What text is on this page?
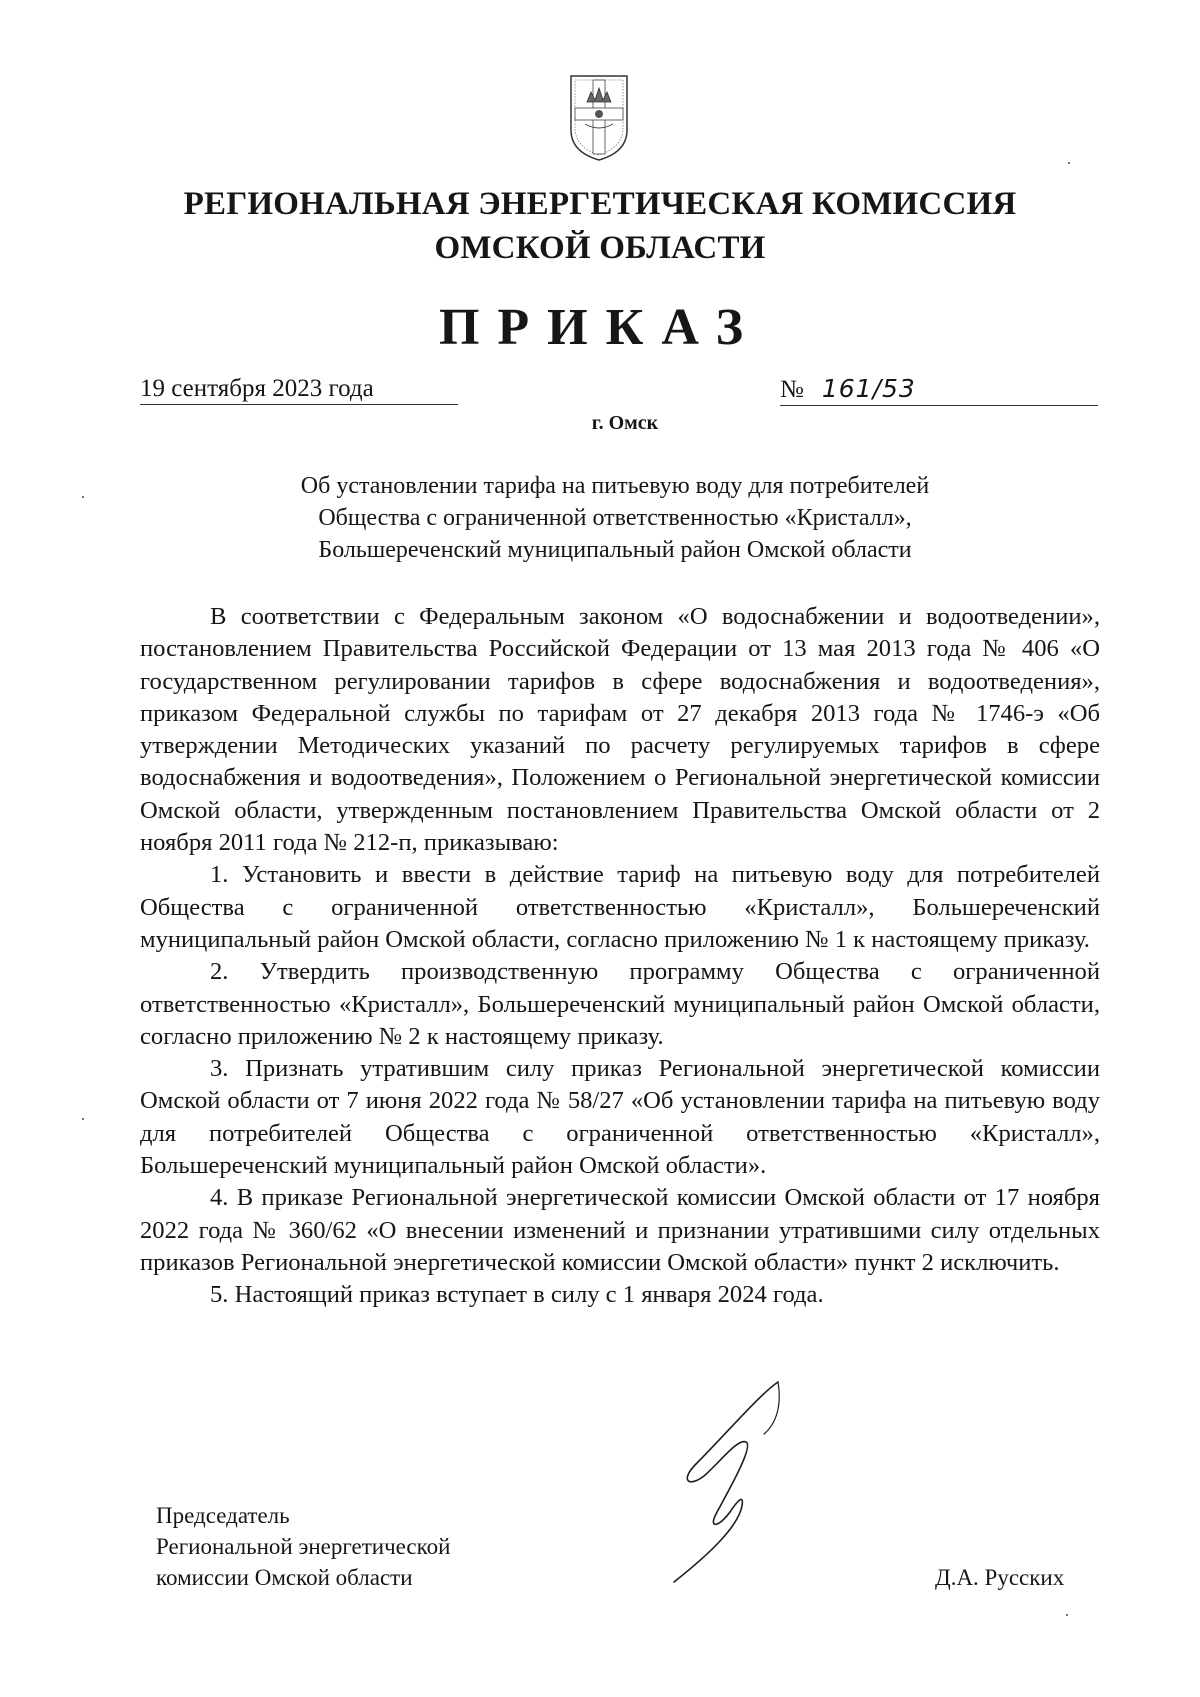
РЕГИОНАЛЬНАЯ ЭНЕРГЕТИЧЕСКАЯ КОМИССИЯ
ОМСКОЙ ОБЛАСТИ
ПРИКАЗ
19 сентября 2023 года	№ 161/53
г. Омск
Об установлении тарифа на питьевую воду для потребителей
Общества с ограниченной ответственностью «Кристалл»,
Большереченский муниципальный район Омской области

В соответствии с Федеральным законом «О водоснабжении и водоотведении», постановлением Правительства Российской Федерации от 13 мая 2013 года № 406 «О государственном регулировании тарифов в сфере водоснабжения и водоотведения», приказом Федеральной службы по тарифам от 27 декабря 2013 года № 1746-э «Об утверждении Методических указаний по расчету регулируемых тарифов в сфере водоснабжения и водоотведения», Положением о Региональной энергетической комиссии Омской области, утвержденным постановлением Правительства Омской области от 2 ноября 2011 года № 212-п, приказываю:

1. Установить и ввести в действие тариф на питьевую воду для потребителей Общества с ограниченной ответственностью «Кристалл», Большереченский муниципальный район Омской области, согласно приложению № 1 к настоящему приказу.

2. Утвердить производственную программу Общества с ограниченной ответственностью «Кристалл», Большереченский муниципальный район Омской области, согласно приложению № 2 к настоящему приказу.

3. Признать утратившим силу приказ Региональной энергетической комиссии Омской области от 7 июня 2022 года № 58/27 «Об установлении тарифа на питьевую воду для потребителей Общества с ограниченной ответственностью «Кристалл», Большереченский муниципальный район Омской области».

4. В приказе Региональной энергетической комиссии Омской области от 17 ноября 2022 года № 360/62 «О внесении изменений и признании утратившими силу отдельных приказов Региональной энергетической комиссии Омской области» пункт 2 исключить.

5. Настоящий приказ вступает в силу с 1 января 2024 года.

Председатель
Региональной энергетической
комиссии Омской области	Д.А. Русских
